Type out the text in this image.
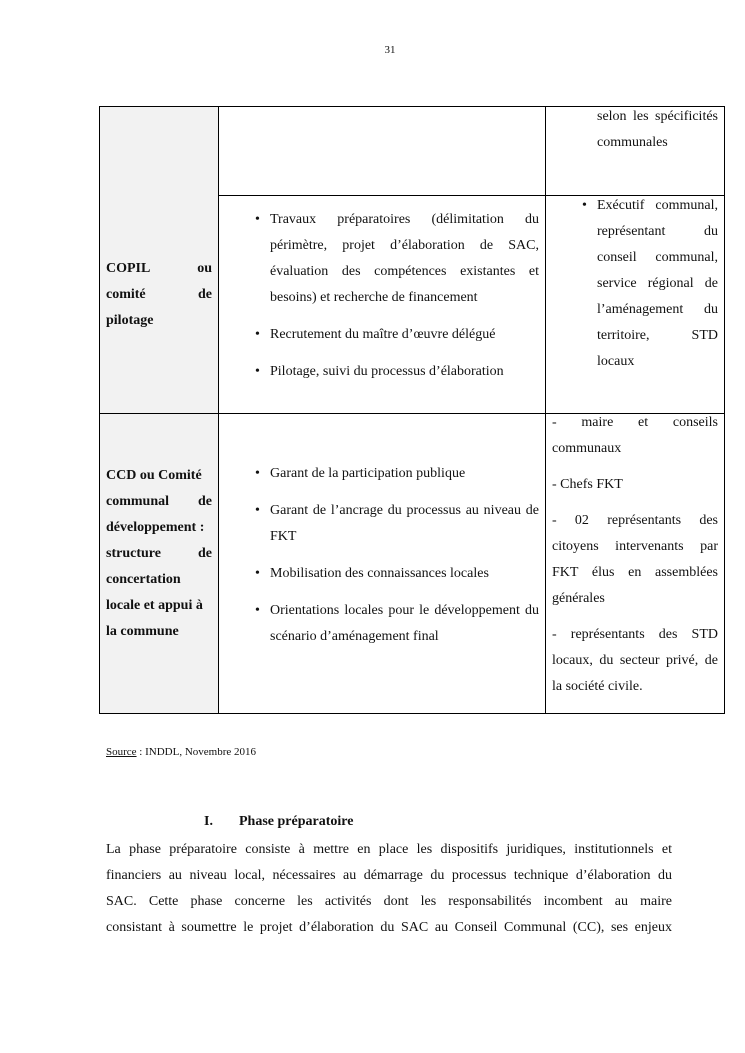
31
COPIL ou
comité de
pilotage
selon les spécificités communales
• Travaux préparatoires (délimitation du périmètre, projet d’élaboration de SAC, évaluation des compétences existantes et besoins) et recherche de financement
• Recrutement du maître d’œuvre délégué
• Pilotage, suivi du processus d’élaboration
• Exécutif communal, représentant du conseil communal, service régional de l’aménagement du territoire, STD locaux
CCD ou Comité
communal de
développement :
structure de
concertation
locale et appui à
la commune
• Garant de la participation publique
• Garant de l’ancrage du processus au niveau de FKT
• Mobilisation des connaissances locales
• Orientations locales pour le développement du scénario d’aménagement final

- maire et conseils communaux

- Chefs FKT

- 02 représentants des citoyens intervenants par FKT élus en assemblées générales

- représentants des STD locaux, du secteur privé, de la société civile.

Source : INDDL, Novembre 2016
I. Phase préparatoire
La phase préparatoire consiste à mettre en place les dispositifs juridiques, institutionnels et
financiers au niveau local, nécessaires au démarrage du processus technique d’élaboration du
SAC. Cette phase concerne les activités dont les responsabilités incombent au maire
consistant à soumettre le projet d’élaboration du SAC au Conseil Communal (CC), ses enjeux
